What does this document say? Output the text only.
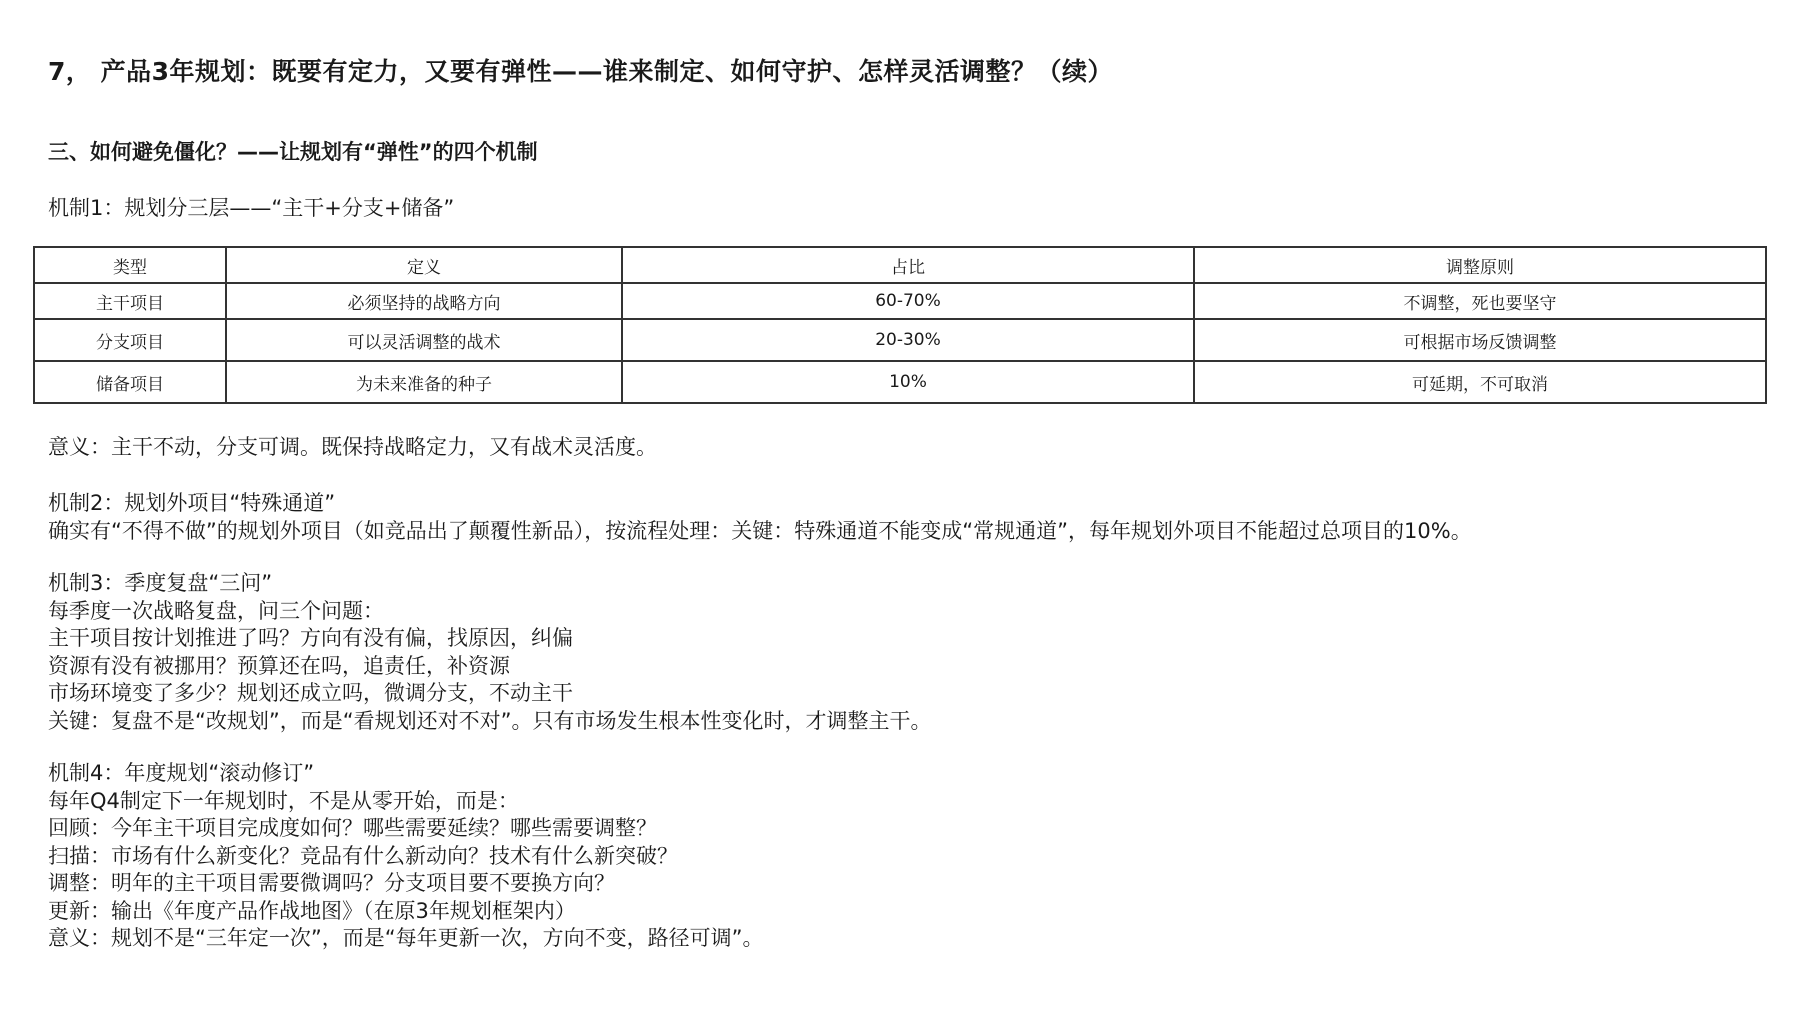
7， 产品3年规划：既要有定力，又要有弹性——谁来制定、如何守护、怎样灵活调整？（续）
三、如何避免僵化？——让规划有“弹性”的四个机制
机制1：规划分三层——“主干+分支+储备”
类型	定义	占比	调整原则
主干项目	必须坚持的战略方向	60-70%	不调整，死也要坚守
分支项目	可以灵活调整的战术	20-30%	可根据市场反馈调整
储备项目	为未来准备的种子	10%	可延期，不可取消
意义：主干不动，分支可调。既保持战略定力，又有战术灵活度。
机制2：规划外项目“特殊通道”
确实有“不得不做”的规划外项目（如竞品出了颠覆性新品），按流程处理：关键：特殊通道不能变成“常规通道”，每年规划外项目不能超过总项目的10%。
机制3：季度复盘“三问”
每季度一次战略复盘，问三个问题：
主干项目按计划推进了吗？方向有没有偏，找原因，纠偏
资源有没有被挪用？预算还在吗，追责任，补资源
市场环境变了多少？规划还成立吗，微调分支，不动主干
关键：复盘不是“改规划”，而是“看规划还对不对”。只有市场发生根本性变化时，才调整主干。
机制4：年度规划“滚动修订”
每年Q4制定下一年规划时，不是从零开始，而是：
回顾：今年主干项目完成度如何？哪些需要延续？哪些需要调整？
扫描：市场有什么新变化？竞品有什么新动向？技术有什么新突破？
调整：明年的主干项目需要微调吗？分支项目要不要换方向？
更新：输出《年度产品作战地图》（在原3年规划框架内）
意义：规划不是“三年定一次”，而是“每年更新一次，方向不变，路径可调”。
